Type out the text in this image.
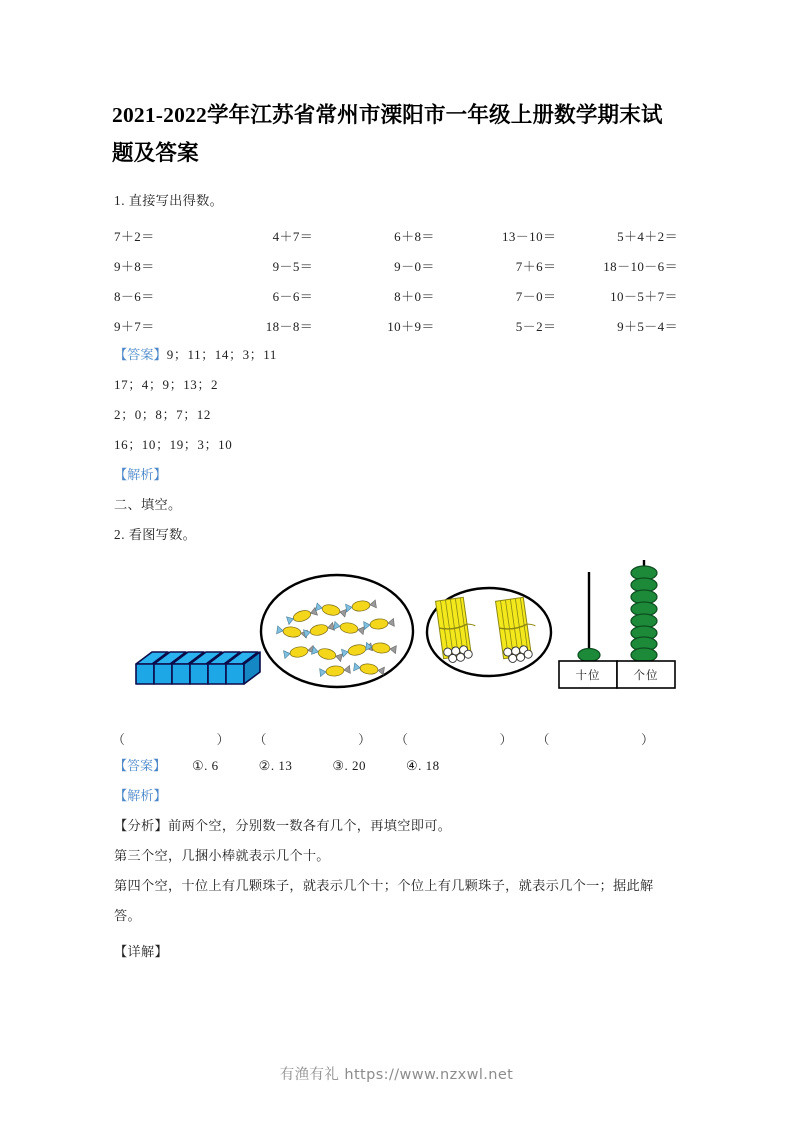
2021-2022学年江苏省常州市溧阳市一年级上册数学期末试题及答案

1. 直接写出得数。

7＋2＝	4＋7＝	6＋8＝	13－10＝	5＋4＋2＝
9＋8＝	9－5＝	9－0＝	7＋6＝	18－10－6＝
8－6＝	6－6＝	8＋0＝	7－0＝	10－5＋7＝
9＋7＝	18－8＝	10＋9＝	5－2＝	9＋5－4＝

【答案】9；11；14；3；11

17；4；9；13；2

2；0；8；7；12

16；10；19；3；10

【解析】

二、填空。

2. 看图写数。

十位	个位
（	） （	） （	） （	）
【答案】 ①. 6	②. 13	③. 20	④. 18

【解析】

【分析】前两个空，分别数一数各有几个，再填空即可。

第三个空，几捆小棒就表示几个十。

第四个空，十位上有几颗珠子，就表示几个十；个位上有几颗珠子，就表示几个一；据此解

答。

【详解】

有渔有礼 https://www.nzxwl.net
